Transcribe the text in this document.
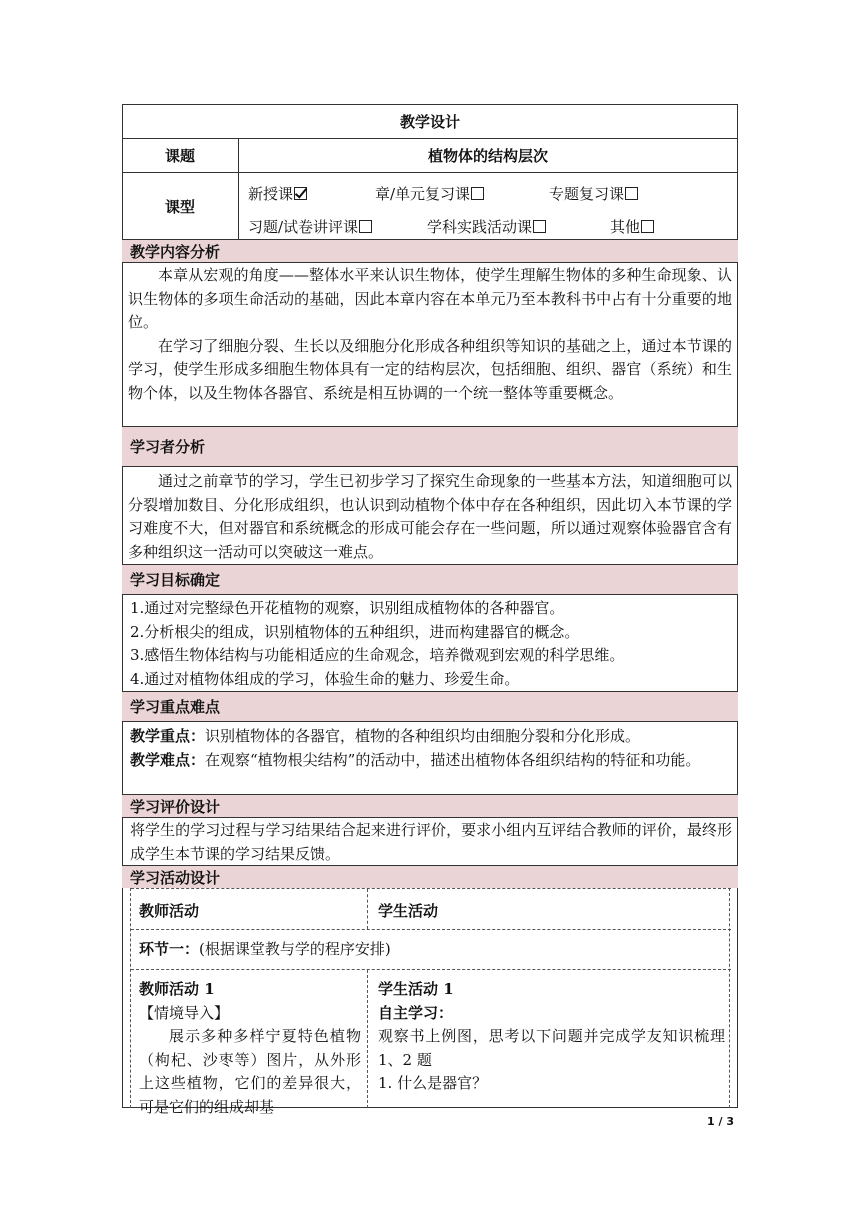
教学设计
课题	植物体的结构层次
课型
新授课	章/单元复习课	专题复习课
习题/试卷讲评课	学科实践活动课	其他
教学内容分析

本章从宏观的角度——整体水平来认识生物体，使学生理解生物体的多种生命现象、认识生物体的多项生命活动的基础，因此本章内容在本单元乃至本教科书中占有十分重要的地位。

在学习了细胞分裂、生长以及细胞分化形成各种组织等知识的基础之上，通过本节课的学习，使学生形成多细胞生物体具有一定的结构层次，包括细胞、组织、器官（系统）和生物个体，以及生物体各器官、系统是相互协调的一个统一整体等重要概念。

学习者分析

通过之前章节的学习，学生已初步学习了探究生命现象的一些基本方法，知道细胞可以分裂增加数目、分化形成组织，也认识到动植物个体中存在各种组织，因此切入本节课的学习难度不大，但对器官和系统概念的形成可能会存在一些问题，所以通过观察体验器官含有多种组织这一活动可以突破这一难点。

学习目标确定

1.通过对完整绿色开花植物的观察，识别组成植物体的各种器官。

2.分析根尖的组成，识别植物体的五种组织，进而构建器官的概念。

3.感悟生物体结构与功能相适应的生命观念，培养微观到宏观的科学思维。

4.通过对植物体组成的学习，体验生命的魅力、珍爱生命。

学习重点难点

教学重点：识别植物体的各器官，植物的各种组织均由细胞分裂和分化形成。

教学难点：在观察“植物根尖结构”的活动中，描述出植物体各组织结构的特征和功能。

学习评价设计

将学生的学习过程与学习结果结合起来进行评价，要求小组内互评结合教师的评价，最终形成学生本节课的学习结果反馈。

学习活动设计
教师活动	学生活动
环节一：(根据课堂教与学的程序安排)
教师活动 1
【情境导入】
展示多种多样宁夏特色植物（枸杞、沙枣等）图片，从外形上这些植物，它们的差异很大，可是它们的组成却基
学生活动 1
自主学习：
观察书上例图，思考以下问题并完成学友知识梳理 1、2 题
1. 什么是器官？
1 / 3
